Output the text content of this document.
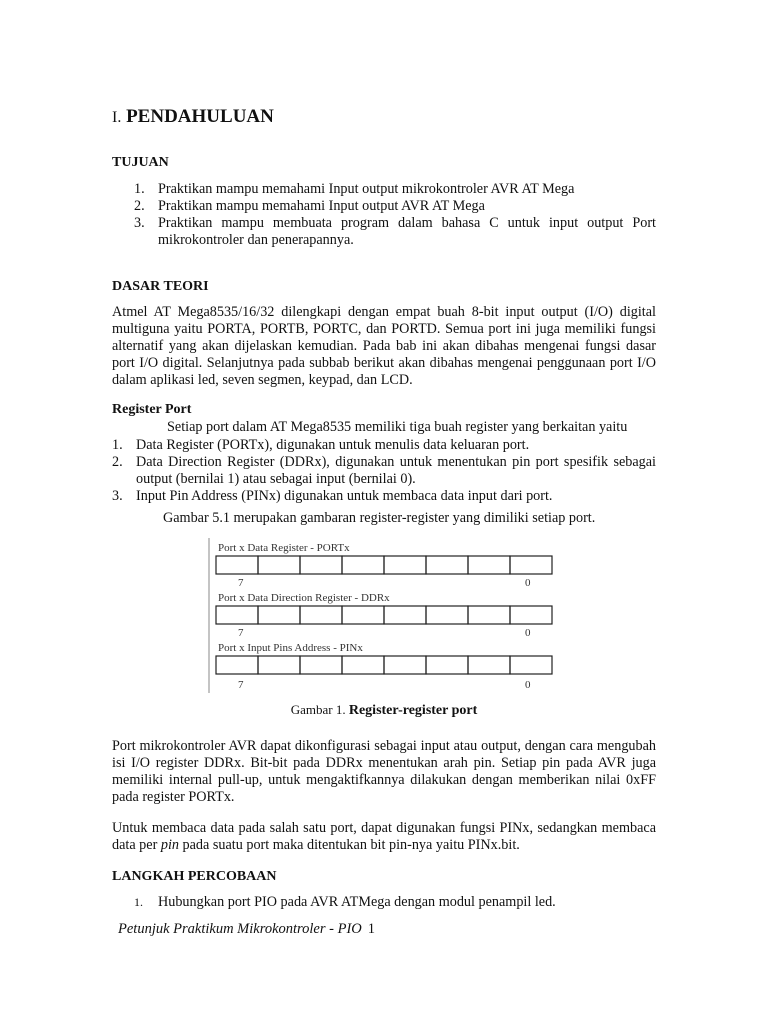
I. PENDAHULUAN
TUJUAN
1. Praktikan mampu memahami Input output mikrokontroler AVR AT Mega
2. Praktikan mampu memahami Input output AVR AT Mega
3. Praktikan mampu membuata program dalam bahasa C untuk input output Port mikrokontroler dan penerapannya.
DASAR TEORI

Atmel AT Mega8535/16/32 dilengkapi dengan empat buah 8-bit input output (I/O) digital multiguna yaitu PORTA, PORTB, PORTC, dan PORTD. Semua port ini juga memiliki fungsi alternatif yang akan dijelaskan kemudian. Pada bab ini akan dibahas mengenai fungsi dasar port I/O digital. Selanjutnya pada subbab berikut akan dibahas mengenai penggunaan port I/O dalam aplikasi led, seven segmen, keypad, dan LCD.

Register Port

Setiap port dalam AT Mega8535 memiliki tiga buah register yang berkaitan yaitu

1. Data Register (PORTx), digunakan untuk menulis data keluaran port.
2. Data Direction Register (DDRx), digunakan untuk menentukan pin port spesifik sebagai output (bernilai 1) atau sebagai input (bernilai 0).
3. Input Pin Address (PINx) digunakan untuk membaca data input dari port.

Gambar 5.1 merupakan gambaran register-register yang dimiliki setiap port.

Port x Data Register - PORTx
7	0
Port x Data Direction Register - DDRx
7	0
Port x Input Pins Address - PINx
7	0
Gambar 1. Register-register port

Port mikrokontroler AVR dapat dikonfigurasi sebagai input atau output, dengan cara mengubah isi I/O register DDRx. Bit-bit pada DDRx menentukan arah pin. Setiap pin pada AVR juga memiliki internal pull-up, untuk mengaktifkannya dilakukan dengan memberikan nilai 0xFF pada register PORTx.

Untuk membaca data pada salah satu port, dapat digunakan fungsi PINx, sedangkan membaca data per pin pada suatu port maka ditentukan bit pin-nya yaitu PINx.bit.

LANGKAH PERCOBAAN
1. Hubungkan port PIO pada AVR ATMega dengan modul penampil led.
Petunjuk Praktikum Mikrokontroler - PIO 1
